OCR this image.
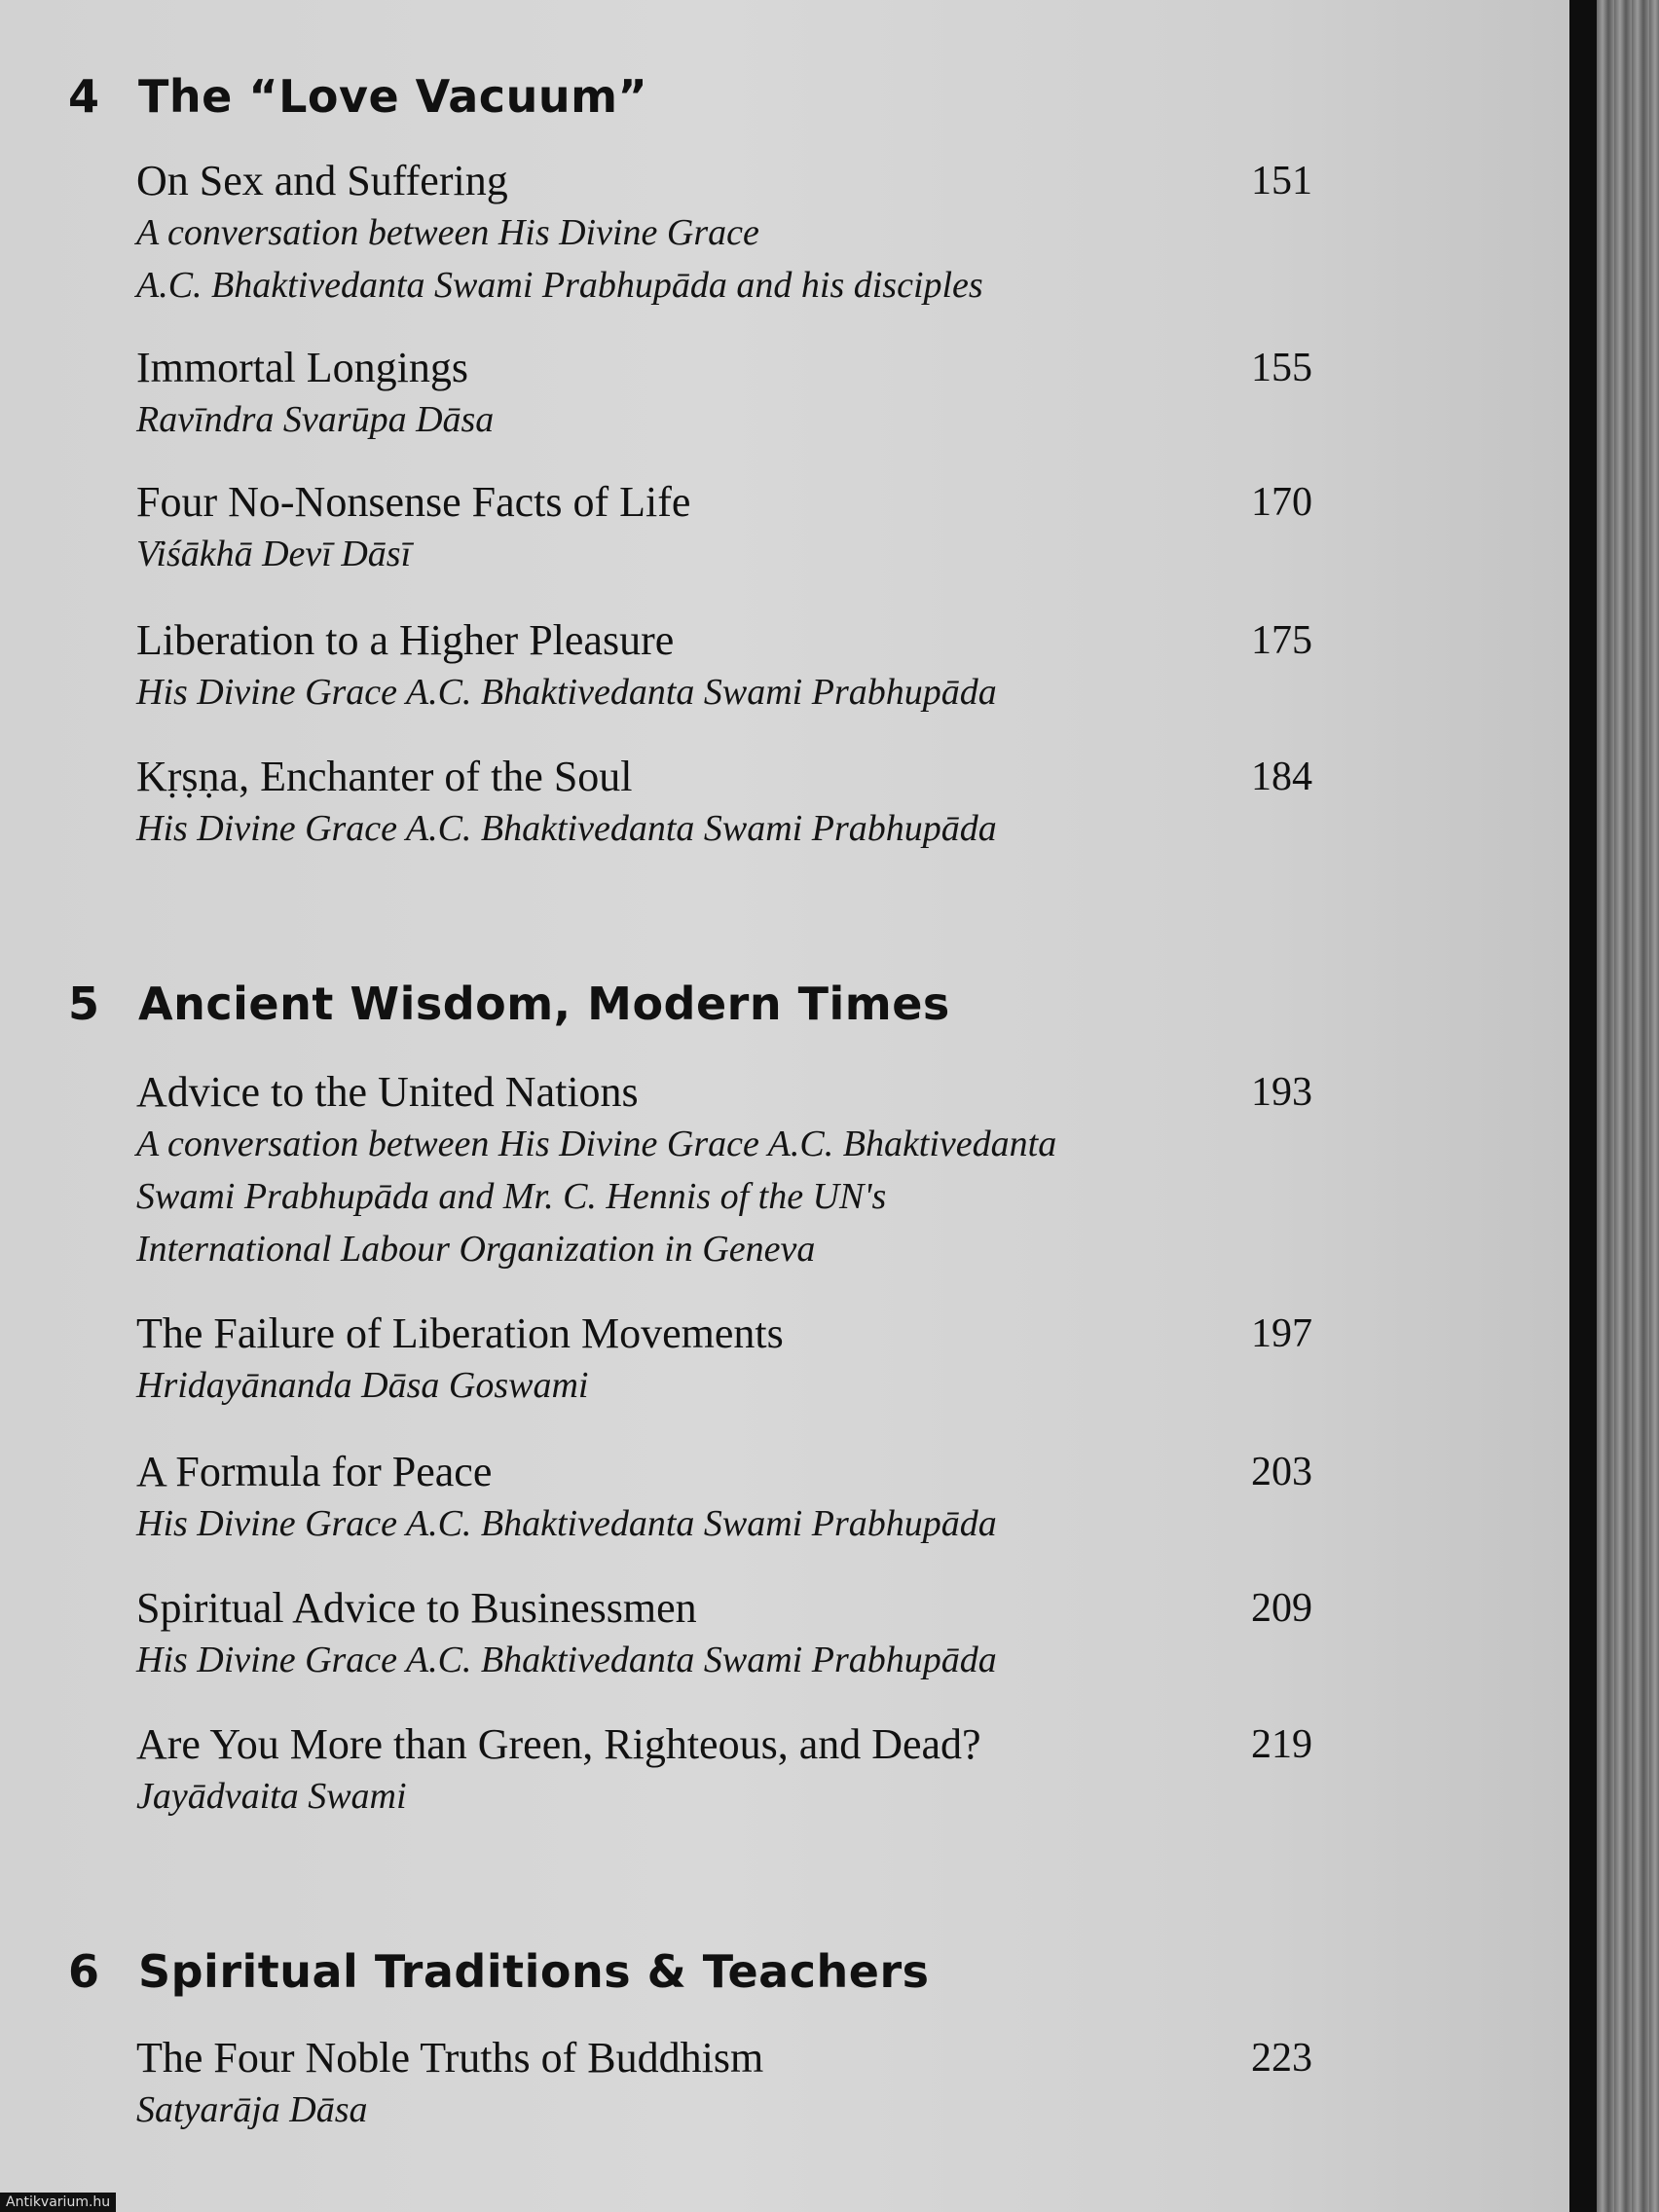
4 The “Love Vacuum”
On Sex and Suffering	151
A conversation between His Divine Grace
A.C. Bhaktivedanta Swami Prabhupāda and his disciples
Immortal Longings	155
Ravīndra Svarūpa Dāsa
Four No-Nonsense Facts of Life	170
Viśākhā Devī Dāsī
Liberation to a Higher Pleasure	175
His Divine Grace A.C. Bhaktivedanta Swami Prabhupāda
Kṛṣṇa, Enchanter of the Soul	184
His Divine Grace A.C. Bhaktivedanta Swami Prabhupāda
5 Ancient Wisdom, Modern Times
Advice to the United Nations	193
A conversation between His Divine Grace A.C. Bhaktivedanta
Swami Prabhupāda and Mr. C. Hennis of the UN's
International Labour Organization in Geneva
The Failure of Liberation Movements	197
Hridayānanda Dāsa Goswami
A Formula for Peace	203
His Divine Grace A.C. Bhaktivedanta Swami Prabhupāda
Spiritual Advice to Businessmen	209
His Divine Grace A.C. Bhaktivedanta Swami Prabhupāda
Are You More than Green, Righteous, and Dead?	219
Jayādvaita Swami
6 Spiritual Traditions & Teachers
The Four Noble Truths of Buddhism	223
Satyarāja Dāsa
Antikvarium.hu
